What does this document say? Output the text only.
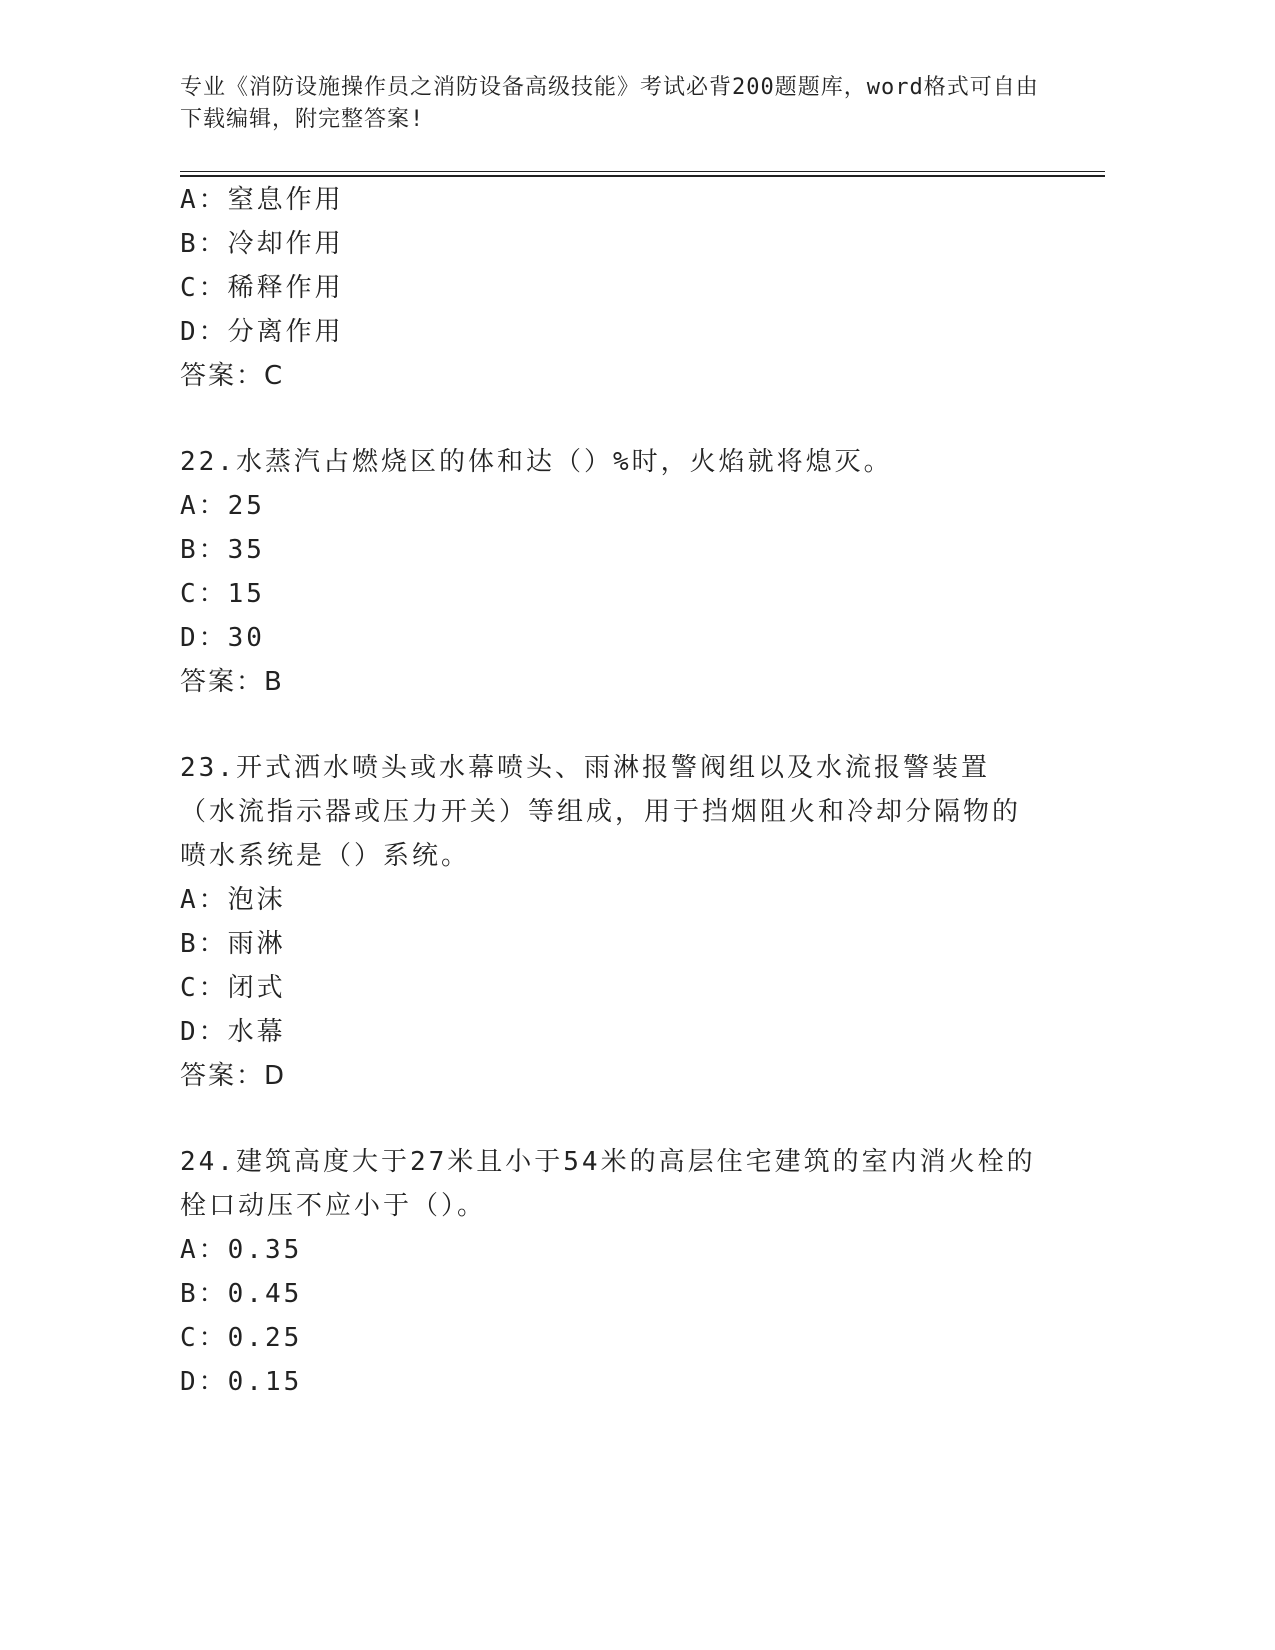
专业《消防设施操作员之消防设备高级技能》考试必背200题题库，word格式可自由下载编辑，附完整答案!
A：窒息作用
B：冷却作用
C：稀释作用
D：分离作用
答案：C
22.水蒸汽占燃烧区的体和达（）%时，火焰就将熄灭。
A：25
B：35
C：15
D：30
答案：B
23.开式洒水喷头或水幕喷头、雨淋报警阀组以及水流报警装置（水流指示器或压力开关）等组成，用于挡烟阻火和冷却分隔物的喷水系统是（）系统。
A：泡沫
B：雨淋
C：闭式
D：水幕
答案：D
24.建筑高度大于27米且小于54米的高层住宅建筑的室内消火栓的栓口动压不应小于（）。
A：0.35
B：0.45
C：0.25
D：0.15
